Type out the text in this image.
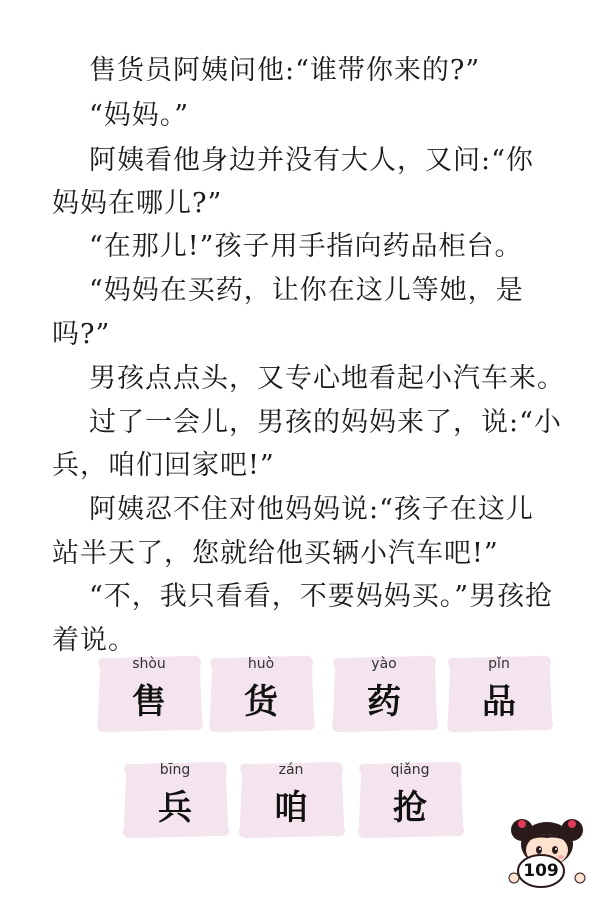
售货员阿姨问他:“谁带你来的?”
“妈妈。”
阿姨看他身边并没有大人，又问:“你
妈妈在哪儿?”
“在那儿!”孩子用手指向药品柜台。
“妈妈在买药，让你在这儿等她，是
吗?”
男孩点点头，又专心地看起小汽车来。
过了一会儿，男孩的妈妈来了，说:“小
兵，咱们回家吧!”
阿姨忍不住对他妈妈说:“孩子在这儿
站半天了，您就给他买辆小汽车吧!”
“不，我只看看，不要妈妈买。”男孩抢
着说。
shòu
售
huò
货
yào
药
pǐn
品
bīng
兵
zán
咱
qiǎng
抢
109
